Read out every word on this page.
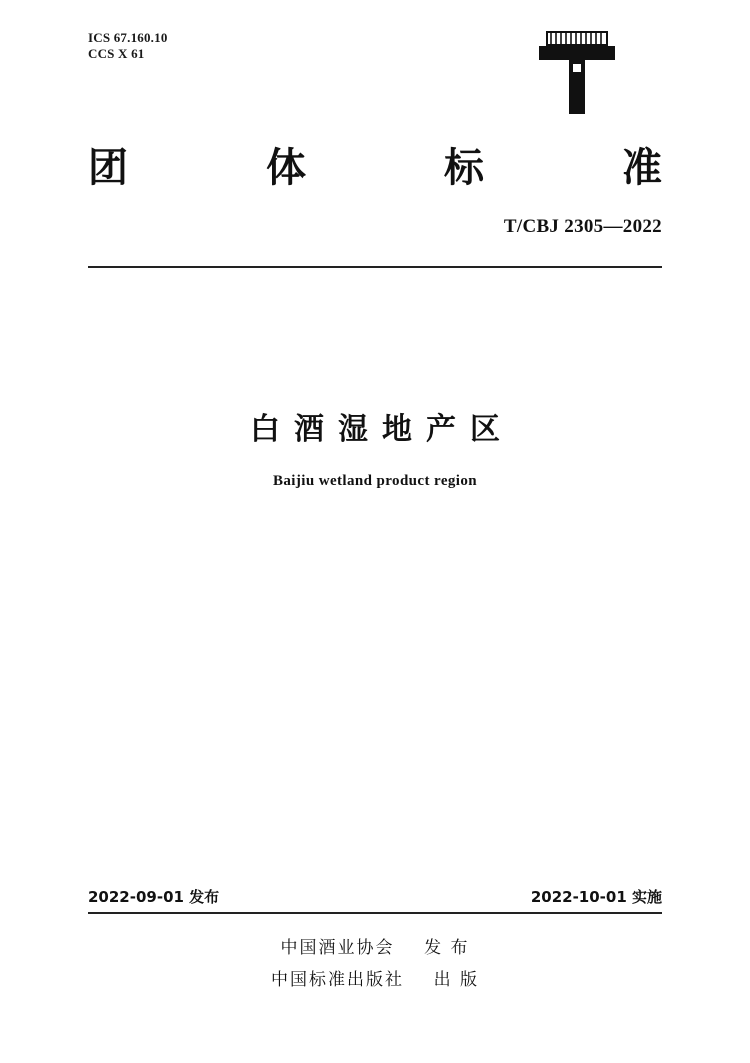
ICS 67.160.10
CCS X 61
团	体	标	准
T/CBJ 2305—2022
白酒湿地产区
Baijiu wetland product region
2022-09-01 发布	2022-10-01 实施
中国酒业协会    发 布
中国标准出版社    出 版
